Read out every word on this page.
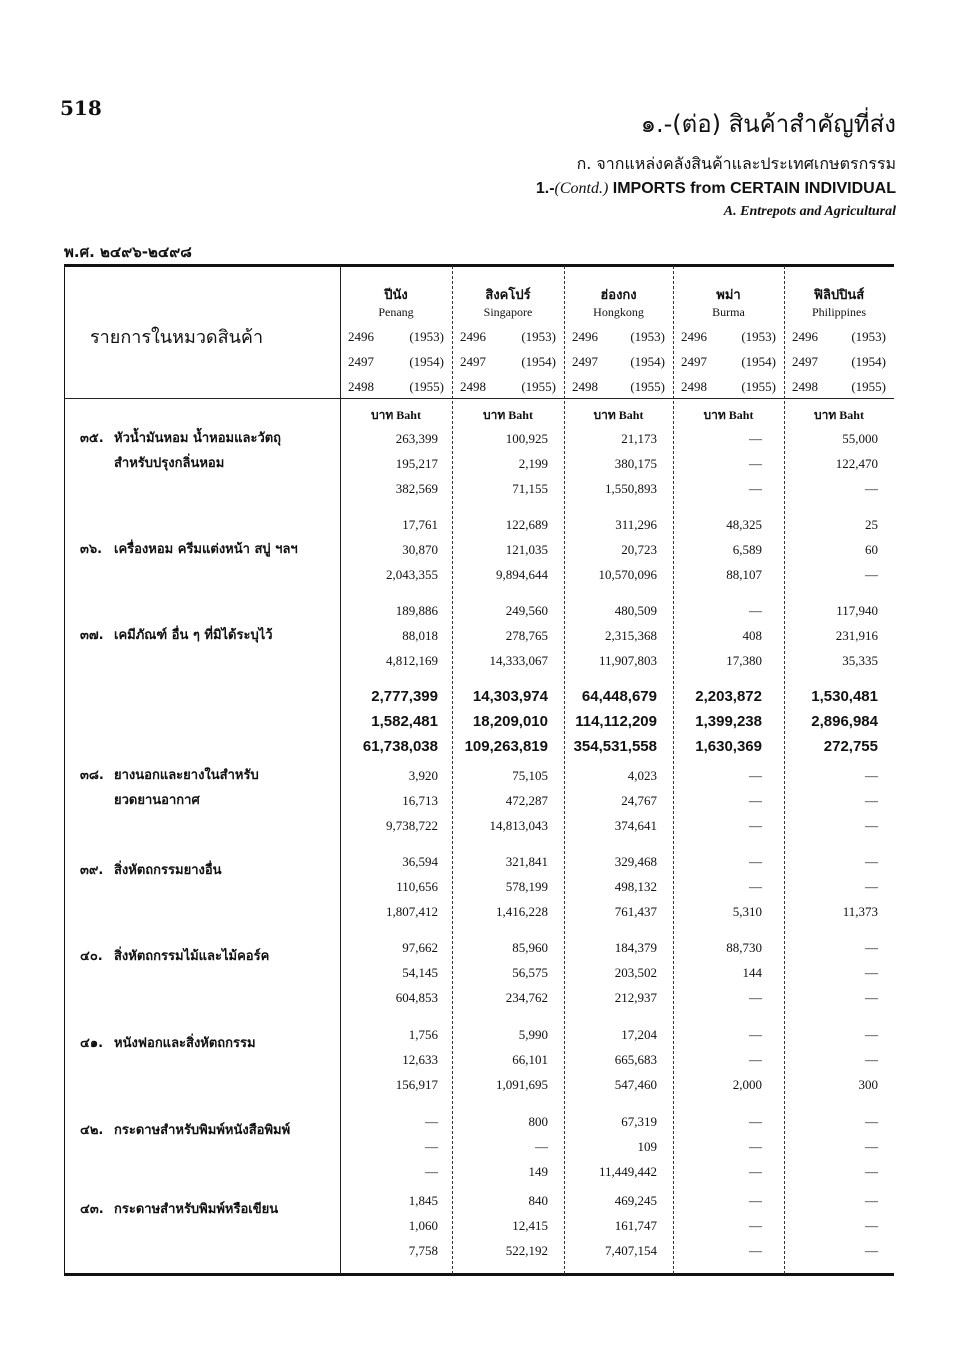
518
๑.-(ต่อ) สินค้าสำคัญที่ส่ง
ก. จากแหล่งคลังสินค้าและประเทศเกษตรกรรม
1.-(Contd.) IMPORTS from CERTAIN INDIVIDUAL
A. Entrepots and Agricultural
พ.ศ. ๒๔๙๖-๒๔๙๘
รายการในหมวดสินค้า
ปีนัง
Penang
2496	(1953)
2497	(1954)
2498	(1955)
บาท Baht
สิงคโปร์
Singapore
2496	(1953)
2497	(1954)
2498	(1955)
บาท Baht
ฮ่องกง
Hongkong
2496 (1953)
2497 (1954)
2498 (1955)
บาท Baht
พม่า
Burma
2496	(1953)
2497	(1954)
2498	(1955)
บาท Baht
ฟิลิปปินส์
Philippines
2496	(1953)
2497	(1954)
2498	(1955)
บาท Baht
๓๕. หัวน้ำมันหอม น้ำหอมและวัตถุ
สำหรับปรุงกลิ่นหอม
263,399	100,925	21,173	—	55,000
195,217	2,199	380,175	—	122,470
382,569	71,155	1,550,893	—	—
๓๖. เครื่องหอม ครีมแต่งหน้า สบู่ ฯลฯ
17,761	122,689	311,296	48,325	25
30,870	121,035	20,723	6,589	60
2,043,355	9,894,644	10,570,096	88,107	—
๓๗. เคมีภัณฑ์ อื่น ๆ ที่มิได้ระบุไว้
189,886	249,560	480,509	—	117,940
88,018	278,765	2,315,368	408	231,916
4,812,169	14,333,067	11,907,803	17,380	35,335
2,777,399	14,303,974	64,448,679	2,203,872	1,530,481
1,582,481	18,209,010	114,112,209	1,399,238	2,896,984
61,738,038	109,263,819	354,531,558	1,630,369	272,755
๓๘. ยางนอกและยางในสำหรับ
ยวดยานอากาศ
3,920	75,105	4,023	—	—
16,713	472,287	24,767	—	—
9,738,722	14,813,043	374,641	—	—
๓๙. สิ่งหัตถกรรมยางอื่น
36,594	321,841	329,468	—	—
110,656	578,199	498,132	—	—
1,807,412	1,416,228	761,437	5,310	11,373
๔๐. สิ่งหัตถกรรมไม้และไม้คอร์ค
97,662	85,960	184,379	88,730	—
54,145	56,575	203,502	144	—
604,853	234,762	212,937	—	—
๔๑. หนังฟอกและสิ่งหัตถกรรม
1,756	5,990	17,204	—	—
12,633	66,101	665,683	—	—
156,917	1,091,695	547,460	2,000	300
๔๒. กระดาษสำหรับพิมพ์หนังสือพิมพ์
—	800	67,319	—	—
—	—	109	—	—
—	149	11,449,442	—	—
๔๓. กระดาษสำหรับพิมพ์หรือเขียน
1,845	840	469,245	—	—
1,060	12,415	161,747	—	—
7,758	522,192	7,407,154	—	—
